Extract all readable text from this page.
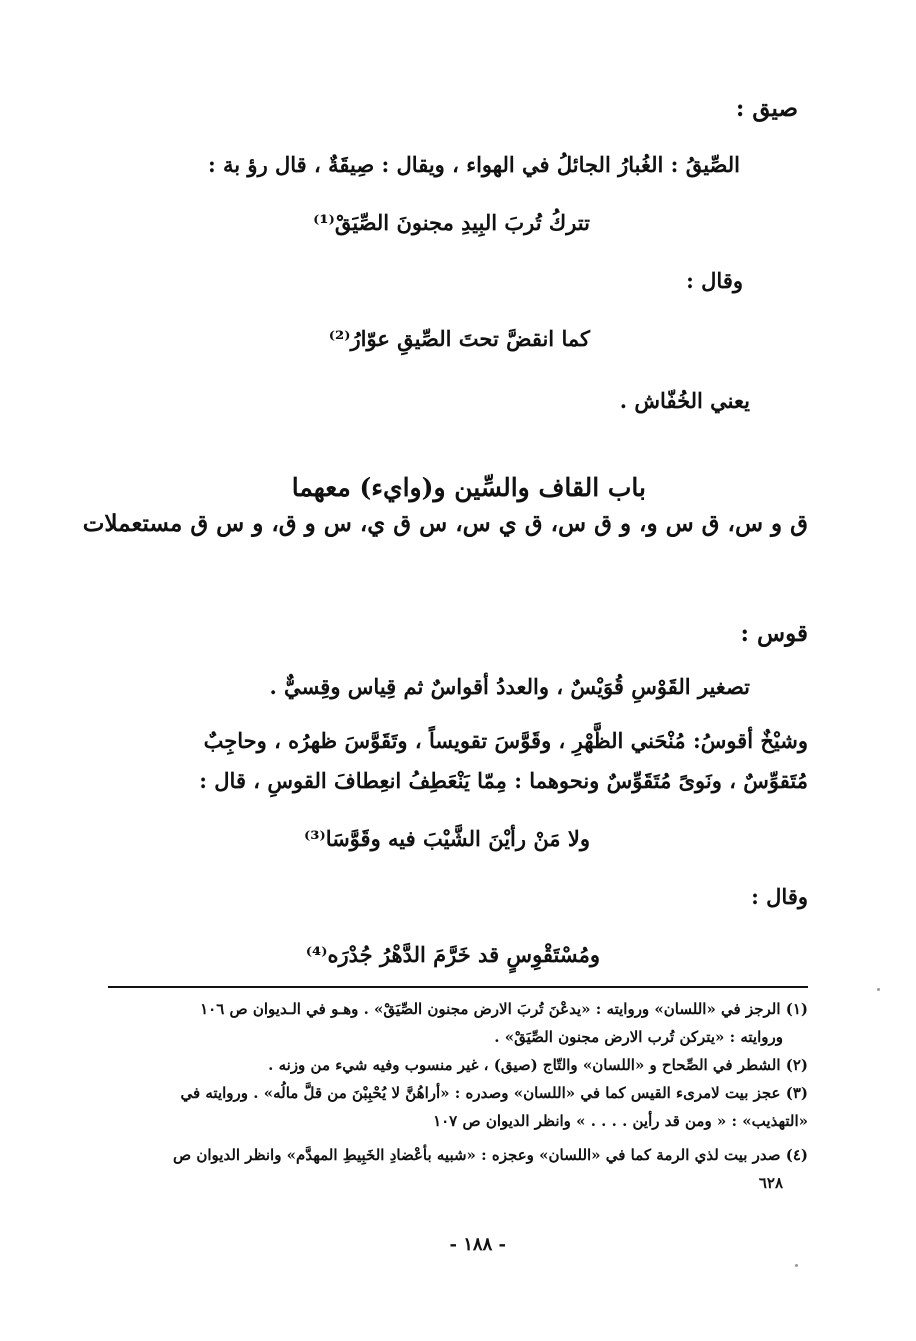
صيق :

الصِّيقُ : الغُبارُ الجائلُ في الهواء ، ويقال : صِيقَةٌ ، قال رؤ بة :

تتركُ تُربَ البِيدِ مجنونَ الصِّيَقْ⁽¹⁾

وقال :

كما انقضَّ تحتَ الصِّيقِ عوّارُ⁽²⁾

يعني الخُفّاش .

باب القاف والسِّين و(وايء) معهما

ق و س، ق س و، و ق س، ق ي س، س ق ي، س و ق، و س ق مستعملات

قوس :

تصغير القَوْسِ قُوَيْسٌ ، والعددُ أقواسٌ ثم قِياس وقِسيٌّ .

وشيْخٌ أقوسُ: مُنْحَني الظَّهْرِ ، وقَوَّسَ تقويساً ، وتَقَوَّسَ ظهرُه ، وحاجِبٌ

مُتَقوِّسٌ ، ونَوىً مُتَقَوِّسٌ ونحوهما : مِمّا يَنْعَطِفُ انعِطافَ القوسِ ، قال :

ولا مَنْ رأيْنَ الشَّيْبَ فيه وقَوَّسَا⁽³⁾

وقال :

ومُسْتَقْوِسٍ قد خَرَّمَ الدَّهْرُ جُدْرَه⁽⁴⁾

(١) الرجز في «اللسان» وروايته : «يدعْنَ تُربَ الارض مجنون الصِّيَقْ» . وهـو في الـديوان ص ١٠٦

وروايته : «يتركن تُرب الارض مجنون الصِّيَقْ» .

(٢) الشطر في الصِّحاح و «اللسان» والتّاج (صيق) ، غير منسوب وفيه شيء من وزنه .

(٣) عجز بيت لامرىء القيس كما في «اللسان» وصدره : «أراهُنَّ لا يُحْبِبْنَ من قلَّ مالُه» . وروايته في

«التهذيب» : « ومن قد رأين . . . . » وانظر الديوان ص ١٠٧

(٤) صدر بيت لذي الرمة كما في «اللسان» وعجزه : «شبيه بأعْضادِ الخَبِيطِ المهدَّم» وانظر الديوان ص

٦٢٨

- ١٨٨ -
